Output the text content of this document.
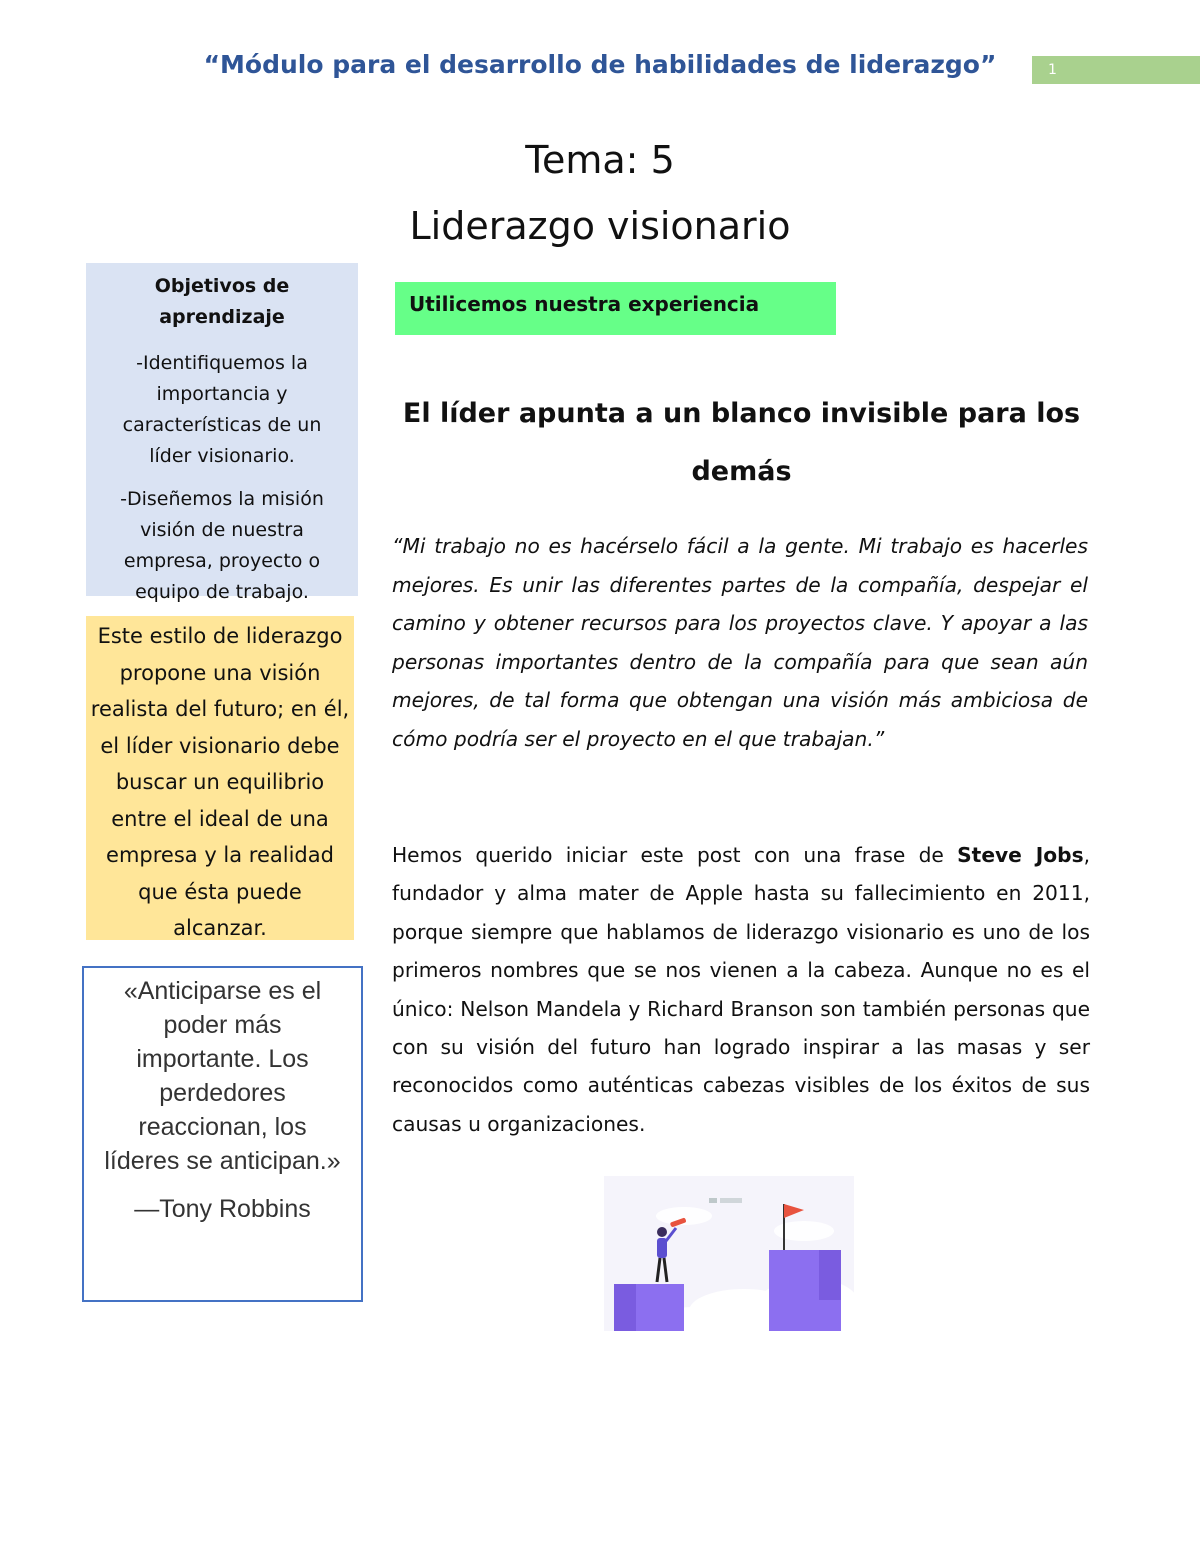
“Módulo para el desarrollo de habilidades de liderazgo”	1
Tema: 5
Liderazgo visionario
Objetivos de aprendizaje

-Identifiquemos la importancia y características de un líder visionario.

-Diseñemos la misión visión de nuestra empresa, proyecto o equipo de trabajo.

Este estilo de liderazgo propone una visión realista del futuro; en él, el líder visionario debe buscar un equilibrio entre el ideal de una empresa y la realidad que ésta puede alcanzar.
«Anticiparse es el poder más importante. Los perdedores reaccionan, los líderes se anticipan.»
—Tony Robbins
Utilicemos nuestra experiencia
El líder apunta a un blanco invisible para los demás
“Mi trabajo no es hacérselo fácil a la gente. Mi trabajo es hacerles mejores. Es unir las diferentes partes de la compañía, despejar el camino y obtener recursos para los proyectos clave. Y apoyar a las personas importantes dentro de la compañía para que sean aún mejores, de tal forma que obtengan una visión más ambiciosa de cómo podría ser el proyecto en el que trabajan.”
Hemos querido iniciar este post con una frase de Steve Jobs, fundador y alma mater de Apple hasta su fallecimiento en 2011, porque siempre que hablamos de liderazgo visionario es uno de los primeros nombres que se nos vienen a la cabeza. Aunque no es el único: Nelson Mandela y Richard Branson son también personas que con su visión del futuro han logrado inspirar a las masas y ser reconocidos como auténticas cabezas visibles de los éxitos de sus causas u organizaciones.
